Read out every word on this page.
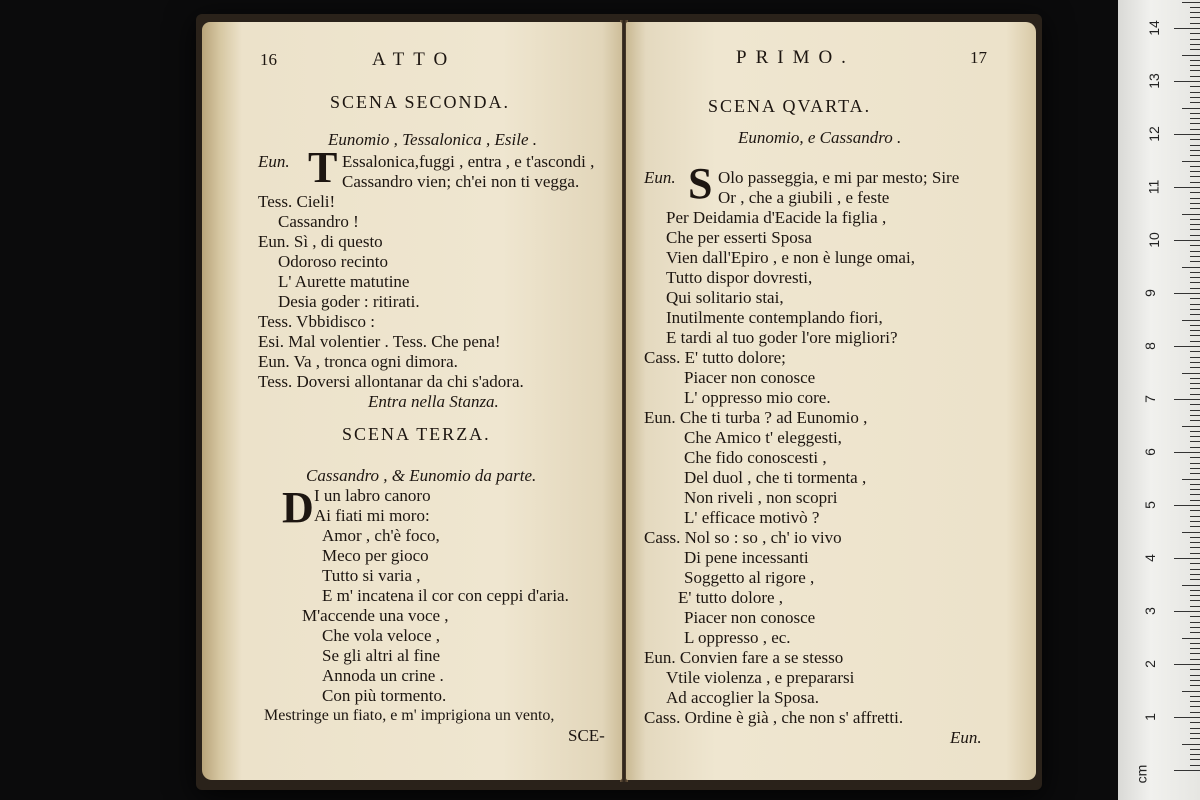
16	ATTO
SCENA SECONDA.
Eunomio , Tessalonica , Esile .
Eun. T Essalonica,fuggi , entra , e t'ascondi ,
Cassandro vien; ch'ei non ti vegga.
Tess. Cieli!
Cassandro !
Eun. Sì , di questo
Odoroso recinto
L' Aurette matutine
Desia goder : ritirati.
Tess. Vbbidisco :
Esi. Mal volentier . Tess. Che pena!
Eun. Va , tronca ogni dimora.
Tess. Doversi allontanar da chi s'adora.
Entra nella Stanza.
SCENA TERZA.
Cassandro , & Eunomio da parte.
D I un labro canoro
Ai fiati mi moro:
Amor , ch'è foco,
Meco per gioco
Tutto si varia ,
E m' incatena il cor con ceppi d'aria.
M'accende una voce ,
Che vola veloce ,
Se gli altri al fine
Annoda un crine .
Con più tormento.
Mestringe un fiato, e m' imprigiona un vento,
SCE-
PRIMO.	17
SCENA QVARTA.
Eunomio, e Cassandro .
Eun. S Olo passeggia, e mi par mesto; Sire
Or , che a giubili , e feste
Per Deidamia d'Eacide la figlia ,
Che per esserti Sposa
Vien dall'Epiro , e non è lunge omai,
Tutto dispor dovresti,
Qui solitario stai,
Inutilmente contemplando fiori,
E tardi al tuo goder l'ore migliori?
Cass. E' tutto dolore;
Piacer non conosce
L' oppresso mio core.
Eun. Che ti turba ? ad Eunomio ,
Che Amico t' eleggesti,
Che fido conoscesti ,
Del duol , che ti tormenta ,
Non riveli , non scopri
L' efficace motivò ?
Cass. Nol so : so , ch' io vivo
Di pene incessanti
Soggetto al rigore ,
E' tutto dolore ,
Piacer non conosce
L oppresso , ec.
Eun. Convien fare a se stesso
Vtile violenza , e prepararsi
Ad accoglier la Sposa.
Cass. Ordine è già , che non s' affretti.
Eun.
14
13
12
11
10
9
8
7
6
5
4
3
2
1
cm
